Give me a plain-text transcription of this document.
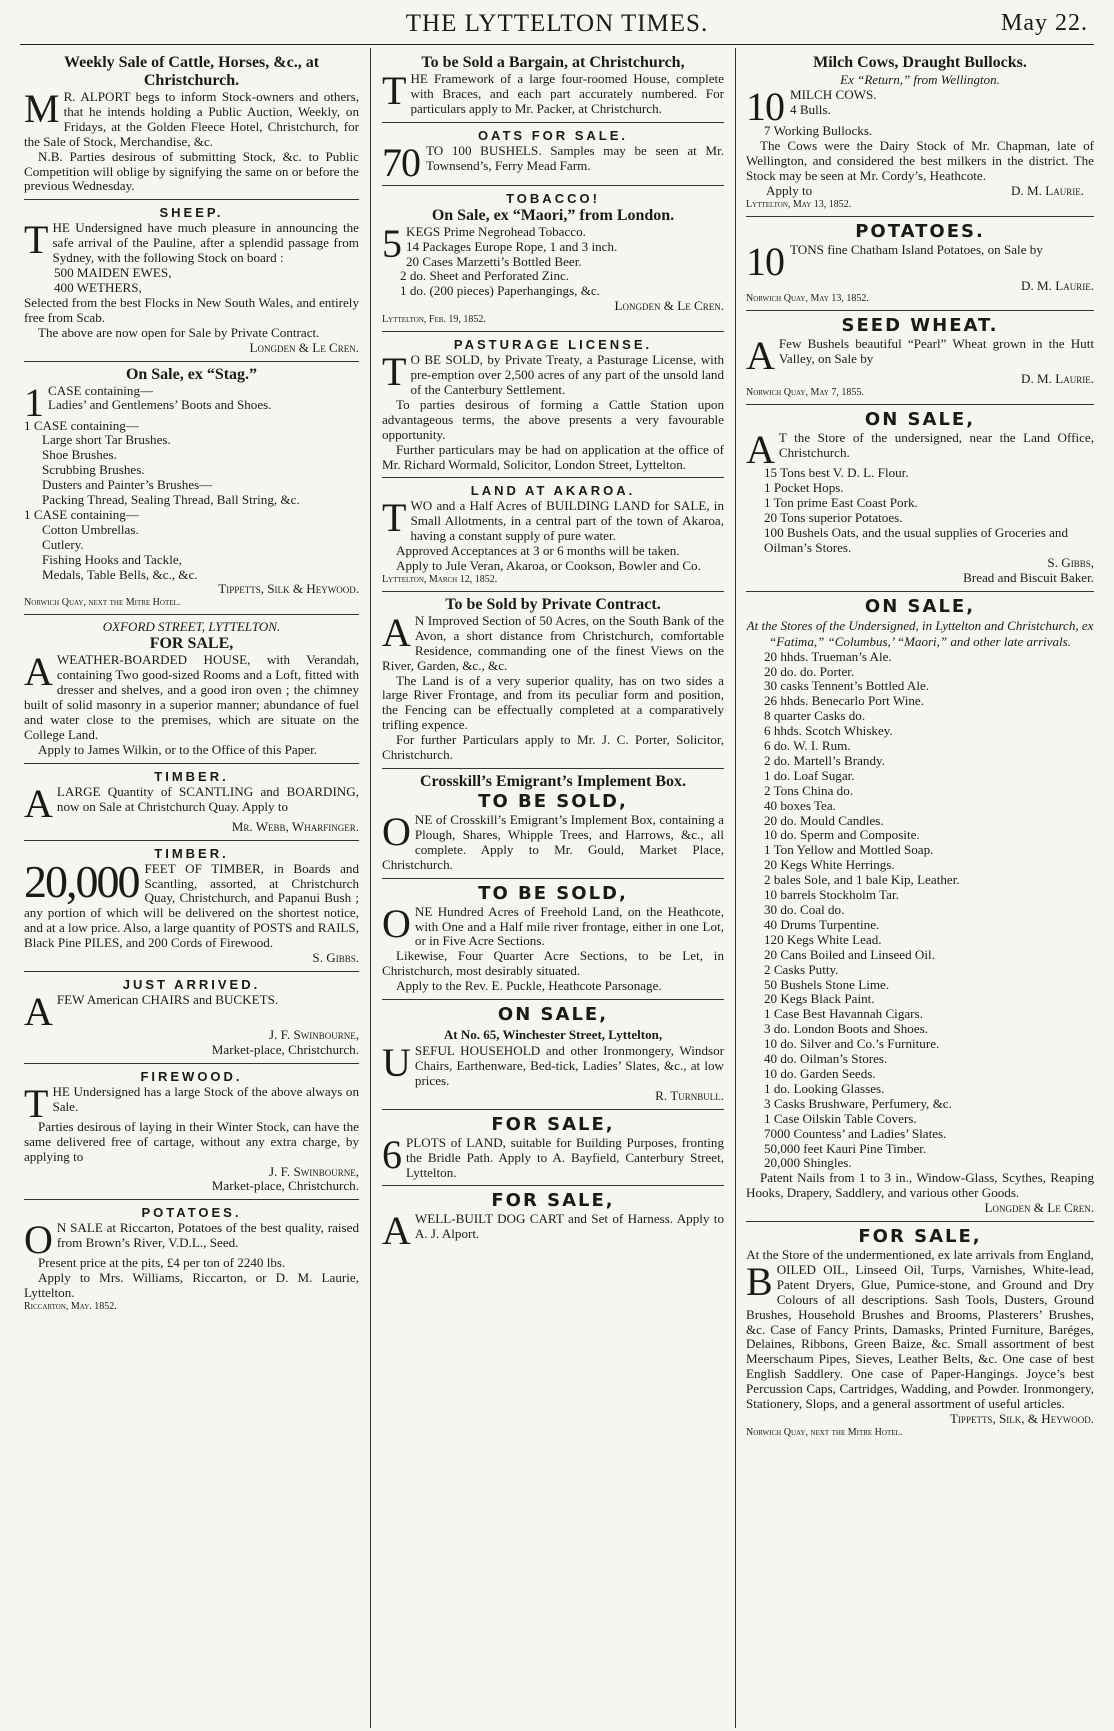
THE LYTTELTON TIMES.	May 22.
Weekly Sale of Cattle, Horses, &c., at Christchurch.

M R. ALPORT begs to inform Stock-owners and others, that he intends holding a Public Auction, Weekly, on Fridays, at the Golden Fleece Hotel, Christchurch, for the Sale of Stock, Merchandise, &c.

N.B. Parties desirous of submitting Stock, &c. to Public Competition will oblige by signifying the same on or before the previous Wednesday.

SHEEP.

THE Undersigned have much pleasure in announcing the safe arrival of the Pauline, after a splendid passage from Sydney, with the following Stock on board :

500 MAIDEN EWES,
400 WETHERS,

Selected from the best Flocks in New South Wales, and entirely free from Scab.

The above are now open for Sale by Private Contract.

Longden & Le Cren.
On Sale, ex “Stag.”
1 CASE containing—
Ladies’ and Gentlemens’ Boots and Shoes.
1 CASE containing—
Large short Tar Brushes.
Shoe Brushes.
Scrubbing Brushes.
Dusters and Painter’s Brushes—
Packing Thread, Sealing Thread, Ball String, &c.
1 CASE containing—
Cotton Umbrellas.
Cutlery.
Fishing Hooks and Tackle,
Medals, Table Bells, &c., &c.
Tippetts, Silk & Heywood.
Norwich Quay, next the Mitre Hotel.
OXFORD STREET, LYTTELTON.
FOR SALE,

AWEATHER-BOARDED HOUSE, with Verandah, containing Two good-sized Rooms and a Loft, fitted with dresser and shelves, and a good iron oven ; the chimney built of solid masonry in a superior manner; abundance of fuel and water close to the premises, which are situate on the College Land.

Apply to James Wilkin, or to the Office of this Paper.

TIMBER.

ALARGE Quantity of SCANTLING and BOARDING, now on Sale at Christchurch Quay. Apply to

Mr. Webb, Wharfinger.
TIMBER.

20,000 FEET OF TIMBER, in Boards and Scantling, assorted, at Christchurch Quay, Christchurch, and Papanui Bush ; any portion of which will be delivered on the shortest notice, and at a low price. Also, a large quantity of POSTS and RAILS, Black Pine PILES, and 200 Cords of Firewood.

S. Gibbs.
JUST ARRIVED.

AFEW American CHAIRS and BUCKETS.

J. F. Swinbourne,
Market-place, Christchurch.
FIREWOOD.

THE Undersigned has a large Stock of the above always on Sale.

Parties desirous of laying in their Winter Stock, can have the same delivered free of cartage, without any extra charge, by applying to

J. F. Swinbourne,
Market-place, Christchurch.
POTATOES.

O N SALE at Riccarton, Potatoes of the best quality, raised from Brown’s River, V.D.L., Seed.

Present price at the pits, £4 per ton of 2240 lbs.

Apply to Mrs. Williams, Riccarton, or D. M. Laurie, Lyttelton.

Riccarton, May. 1852.
To be Sold a Bargain, at Christchurch,

THE Framework of a large four-roomed House, complete with Braces, and each part accurately numbered. For particulars apply to Mr. Packer, at Christchurch.

OATS FOR SALE.

70 TO 100 BUSHELS. Samples may be seen at Mr. Townsend’s, Ferry Mead Farm.

TOBACCO!
On Sale, ex “Maori,” from London.
5 KEGS Prime Negrohead Tobacco.
14 Packages Europe Rope, 1 and 3 inch.
20 Cases Marzetti’s Bottled Beer.
2 do. Sheet and Perforated Zinc.
1 do. (200 pieces) Paperhangings, &c.
Longden & Le Cren.
Lyttelton, Feb. 19, 1852.
PASTURAGE LICENSE.

T O BE SOLD, by Private Treaty, a Pasturage License, with pre-emption over 2,500 acres of any part of the unsold land of the Canterbury Settlement.

To parties desirous of forming a Cattle Station upon advantageous terms, the above presents a very favourable opportunity.

Further particulars may be had on application at the office of Mr. Richard Wormald, Solicitor, London Street, Lyttelton.

LAND AT AKAROA.

TWO and a Half Acres of BUILDING LAND for SALE, in Small Allotments, in a central part of the town of Akaroa, having a constant supply of pure water.

Approved Acceptances at 3 or 6 months will be taken.

Apply to Jule Veran, Akaroa, or Cookson, Bowler and Co.

Lyttelton, March 12, 1852.
To be Sold by Private Contract.

A N Improved Section of 50 Acres, on the South Bank of the Avon, a short distance from Christchurch, comfortable Residence, commanding one of the finest Views on the River, Garden, &c., &c.

The Land is of a very superior quality, has on two sides a large River Frontage, and from its peculiar form and position, the Fencing can be effectually completed at a comparatively trifling expence.

For further Particulars apply to Mr. J. C. Porter, Solicitor, Christchurch.

Crosskill’s Emigrant’s Implement Box.
TO BE SOLD,

ONE of Crosskill’s Emigrant’s Implement Box, containing a Plough, Shares, Whipple Trees, and Harrows, &c., all complete. Apply to Mr. Gould, Market Place, Christchurch.

TO BE SOLD,

ONE Hundred Acres of Freehold Land, on the Heathcote, with One and a Half mile river frontage, either in one Lot, or in Five Acre Sections.

Likewise, Four Quarter Acre Sections, to be Let, in Christchurch, most desirably situated.

Apply to the Rev. E. Puckle, Heathcote Parsonage.

ON SALE,
At No. 65, Winchester Street, Lyttelton,

USEFUL HOUSEHOLD and other Ironmongery, Windsor Chairs, Earthenware, Bed-tick, Ladies’ Slates, &c., at low prices.

R. Turnbull.
FOR SALE,

6 PLOTS of LAND, suitable for Building Purposes, fronting the Bridle Path. Apply to A. Bayfield, Canterbury Street, Lyttelton.

FOR SALE,

AWELL-BUILT DOG CART and Set of Harness. Apply to A. J. Alport.

Milch Cows, Draught Bullocks.
Ex “Return,” from Wellington.
10 MILCH COWS.
4 Bulls.
7 Working Bullocks.

The Cows were the Dairy Stock of Mr. Chapman, late of Wellington, and considered the best milkers in the district. The Stock may be seen at Mr. Cordy’s, Heathcote.

Apply to	D. M. Laurie.
Lyttelton, May 13, 1852.
POTATOES.

10 TONS fine Chatham Island Potatoes, on Sale by

D. M. Laurie.
Norwich Quay, May 13, 1852.
SEED WHEAT.

A Few Bushels beautiful “Pearl” Wheat grown in the Hutt Valley, on Sale by

D. M. Laurie.
Norwich Quay, May 7, 1855.
ON SALE,

A T the Store of the undersigned, near the Land Office, Christchurch.

15 Tons best V. D. L. Flour.
1 Pocket Hops.
1 Ton prime East Coast Pork.
20 Tons superior Potatoes.
100 Bushels Oats, and the usual supplies of Groceries and Oilman’s Stores.
S. Gibbs,
Bread and Biscuit Baker.
ON SALE,
At the Stores of the Undersigned, in Lyttelton and Christchurch, ex “Fatima,” “Columbus,’ “Maori,” and other late arrivals.
20 hhds. Trueman’s Ale.
20 do. do. Porter.
30 casks Tennent’s Bottled Ale.
26 hhds. Benecarlo Port Wine.
8 quarter Casks do.
6 hhds. Scotch Whiskey.
6 do. W. I. Rum.
2 do. Martell’s Brandy.
1 do. Loaf Sugar.
2 Tons China do.
40 boxes Tea.
20 do. Mould Candles.
10 do. Sperm and Composite.
1 Ton Yellow and Mottled Soap.
20 Kegs White Herrings.
2 bales Sole, and 1 bale Kip, Leather.
10 barrels Stockholm Tar.
30 do. Coal do.
40 Drums Turpentine.
120 Kegs White Lead.
20 Cans Boiled and Linseed Oil.
2 Casks Putty.
50 Bushels Stone Lime.
20 Kegs Black Paint.
1 Case Best Havannah Cigars.
3 do. London Boots and Shoes.
10 do. Silver and Co.’s Furniture.
40 do. Oilman’s Stores.
10 do. Garden Seeds.
1 do. Looking Glasses.
3 Casks Brushware, Perfumery, &c.
1 Case Oilskin Table Covers.
7000 Countess’ and Ladies’ Slates.
50,000 feet Kauri Pine Timber.
20,000 Shingles.

Patent Nails from 1 to 3 in., Window-Glass, Scythes, Reaping Hooks, Drapery, Saddlery, and various other Goods.

Longden & Le Cren.
FOR SALE,
At the Store of the undermentioned, ex late arrivals from England,

BOILED OIL, Linseed Oil, Turps, Varnishes, White-lead, Patent Dryers, Glue, Pumice-stone, and Ground and Dry Colours of all descriptions. Sash Tools, Dusters, Ground Brushes, Household Brushes and Brooms, Plasterers’ Brushes, &c. Case of Fancy Prints, Damasks, Printed Furniture, Baréges, Delaines, Ribbons, Green Baize, &c. Small assortment of best Meerschaum Pipes, Sieves, Leather Belts, &c. One case of best English Saddlery. One case of Paper-Hangings. Joyce’s best Percussion Caps, Cartridges, Wadding, and Powder. Ironmongery, Stationery, Slops, and a general assortment of useful articles.

Tippetts, Silk, & Heywood.
Norwich Quay, next the Mitre Hotel.
